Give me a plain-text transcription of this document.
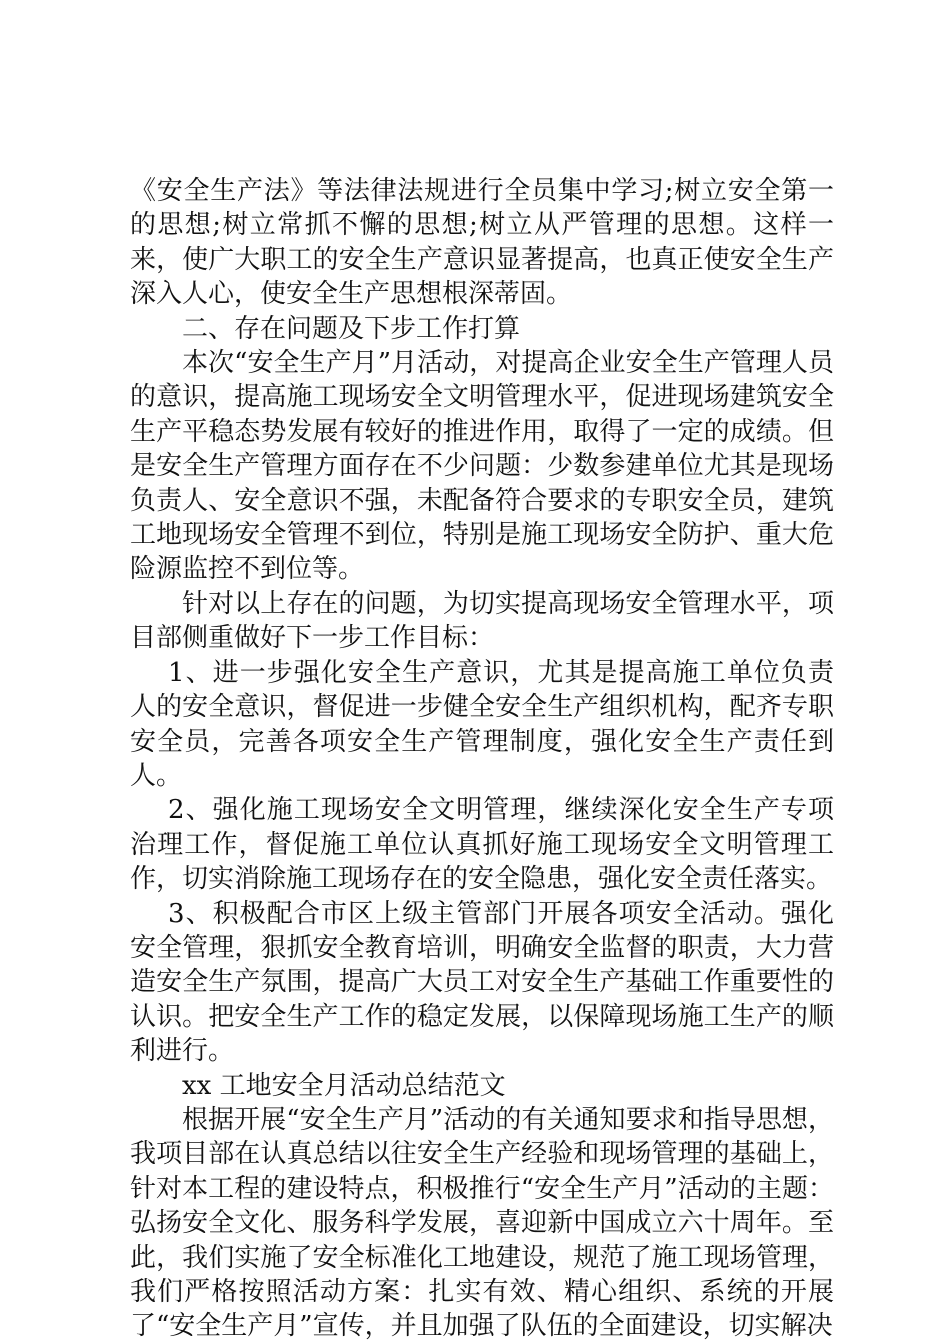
《安全生产法》等法律法规进行全员集中学习;树立安全第一的思想;树立常抓不懈的思想;树立从严管理的思想。这样一来，使广大职工的安全生产意识显著提高，也真正使安全生产深入人心，使安全生产思想根深蒂固。

二、存在问题及下步工作打算

本次“安全生产月”月活动，对提高企业安全生产管理人员的意识，提高施工现场安全文明管理水平，促进现场建筑安全生产平稳态势发展有较好的推进作用，取得了一定的成绩。但是安全生产管理方面存在不少问题：少数参建单位尤其是现场负责人、安全意识不强，未配备符合要求的专职安全员，建筑工地现场安全管理不到位，特别是施工现场安全防护、重大危险源监控不到位等。

针对以上存在的问题，为切实提高现场安全管理水平，项目部侧重做好下一步工作目标：

1、进一步强化安全生产意识，尤其是提高施工单位负责人的安全意识，督促进一步健全安全生产组织机构，配齐专职安全员，完善各项安全生产管理制度，强化安全生产责任到人。

2、强化施工现场安全文明管理，继续深化安全生产专项治理工作，督促施工单位认真抓好施工现场安全文明管理工作，切实消除施工现场存在的安全隐患，强化安全责任落实。

3、积极配合市区上级主管部门开展各项安全活动。强化安全管理，狠抓安全教育培训，明确安全监督的职责，大力营造安全生产氛围，提高广大员工对安全生产基础工作重要性的认识。把安全生产工作的稳定发展，以保障现场施工生产的顺利进行。

xx 工地安全月活动总结范文

根据开展“安全生产月”活动的有关通知要求和指导思想，我项目部在认真总结以往安全生产经验和现场管理的基础上，针对本工程的建设特点，积极推行“安全生产月”活动的主题：弘扬安全文化、服务科学发展，喜迎新中国成立六十周年。至此，我们实施了安全标准化工地建设，规范了施工现场管理，我们严格按照活动方案：扎实有效、精心组织、系统的开展了“安全生产月”宣传，并且加强了队伍的全面建设，切实解决
